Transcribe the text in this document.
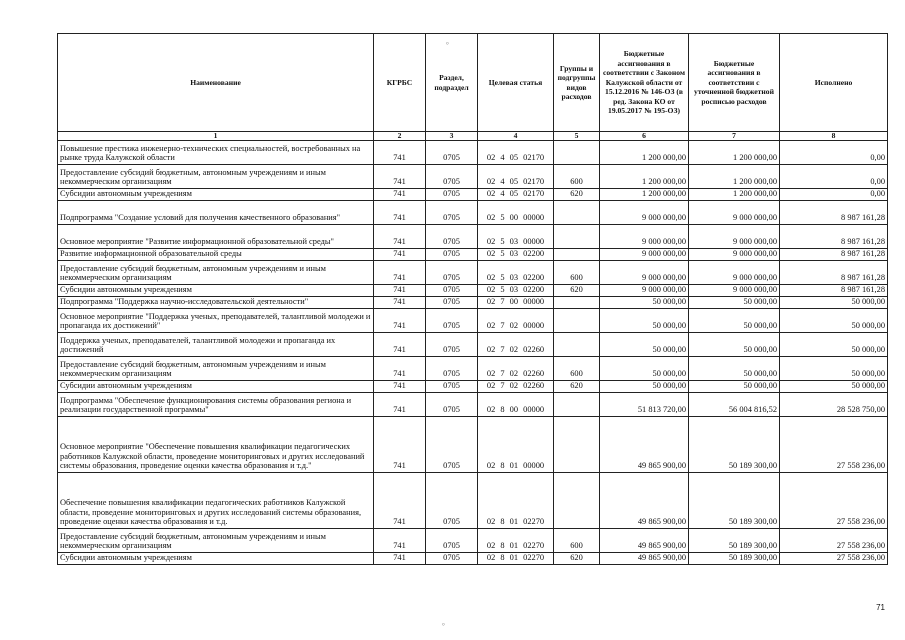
Наименование	КГРБС	Раздел, подраздел	Целевая статья	Группы и подгруппы видов расходов	Бюджетные ассигнования в соответствии с Законом Калужской области от 15.12.2016 № 146-ОЗ (в ред. Закона КО от 19.05.2017 № 195-ОЗ)	Бюджетные ассигнования в соответствии с уточненной бюджетной росписью расходов	Исполнено
1	2	3	4	5	6	7	8
Повышение престижа инженерно-технических специальностей, востребованных на рынке труда Калужской области	741	0705	02 4 05 02170		1 200 000,00	1 200 000,00	0,00
Предоставление субсидий бюджетным, автономным учреждениям и иным некоммерческим организациям	741	0705	02 4 05 02170	600	1 200 000,00	1 200 000,00	0,00
Субсидии автономным учреждениям	741	0705	02 4 05 02170	620	1 200 000,00	1 200 000,00	0,00
Подпрограмма "Создание условий для получения качественного образования"	741	0705	02 5 00 00000		9 000 000,00	9 000 000,00	8 987 161,28
Основное мероприятие "Развитие информационной образовательной среды"	741	0705	02 5 03 00000		9 000 000,00	9 000 000,00	8 987 161,28
Развитие информационной образовательной среды	741	0705	02 5 03 02200		9 000 000,00	9 000 000,00	8 987 161,28
Предоставление субсидий бюджетным, автономным учреждениям и иным некоммерческим организациям	741	0705	02 5 03 02200	600	9 000 000,00	9 000 000,00	8 987 161,28
Субсидии автономным учреждениям	741	0705	02 5 03 02200	620	9 000 000,00	9 000 000,00	8 987 161,28
Подпрограмма "Поддержка научно-исследовательской деятельности"	741	0705	02 7 00 00000		50 000,00	50 000,00	50 000,00
Основное мероприятие "Поддержка ученых, преподавателей, талантливой молодежи и пропаганда их достижений"	741	0705	02 7 02 00000		50 000,00	50 000,00	50 000,00
Поддержка ученых, преподавателей, талантливой молодежи и пропаганда их достижений	741	0705	02 7 02 02260		50 000,00	50 000,00	50 000,00
Предоставление субсидий бюджетным, автономным учреждениям и иным некоммерческим организациям	741	0705	02 7 02 02260	600	50 000,00	50 000,00	50 000,00
Субсидии автономным учреждениям	741	0705	02 7 02 02260	620	50 000,00	50 000,00	50 000,00
Подпрограмма "Обеспечение функционирования системы образования региона и реализации государственной программы"	741	0705	02 8 00 00000		51 813 720,00	56 004 816,52	28 528 750,00
Основное мероприятие "Обеспечение повышения квалификации педагогических работников Калужской области, проведение мониторинговых и других исследований системы образования, проведение оценки качества образования и т.д."	741	0705	02 8 01 00000		49 865 900,00	50 189 300,00	27 558 236,00
Обеспечение повышения квалификации педагогических работников Калужской области, проведение мониторинговых и других исследований системы образования, проведение оценки качества образования и т.д.	741	0705	02 8 01 02270		49 865 900,00	50 189 300,00	27 558 236,00
Предоставление субсидий бюджетным, автономным учреждениям и иным некоммерческим организациям	741	0705	02 8 01 02270	600	49 865 900,00	50 189 300,00	27 558 236,00
Субсидии автономным учреждениям	741	0705	02 8 01 02270	620	49 865 900,00	50 189 300,00	27 558 236,00
°
°
71
